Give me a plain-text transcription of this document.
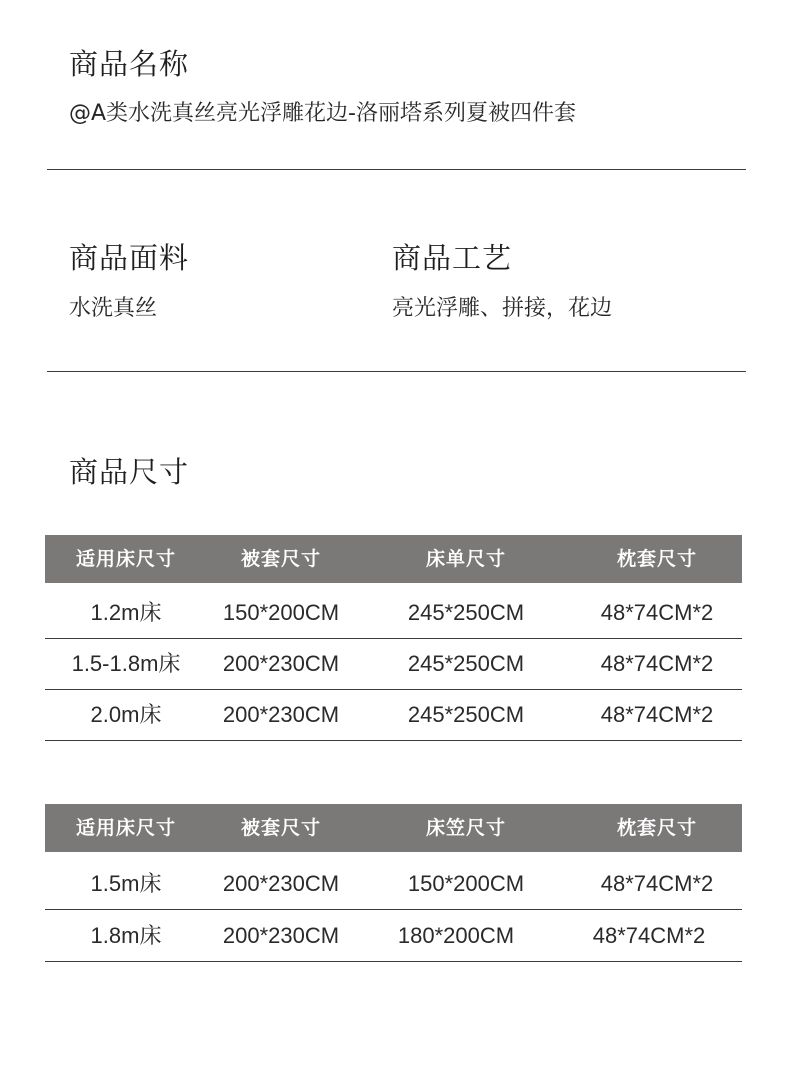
商品名称
@A类水洗真丝亮光浮雕花边-洛丽塔系列夏被四件套
商品面料
水洗真丝
商品工艺
亮光浮雕、拼接，花边
商品尺寸
适用床尺寸	被套尺寸	床单尺寸	枕套尺寸
1.2m床	150*200CM	245*250CM	48*74CM*2
1.5-1.8m床	200*230CM	245*250CM	48*74CM*2
2.0m床	200*230CM	245*250CM	48*74CM*2
适用床尺寸	被套尺寸	床笠尺寸	枕套尺寸
1.5m床	200*230CM	150*200CM	48*74CM*2
1.8m床	200*230CM	180*200CM	48*74CM*2
